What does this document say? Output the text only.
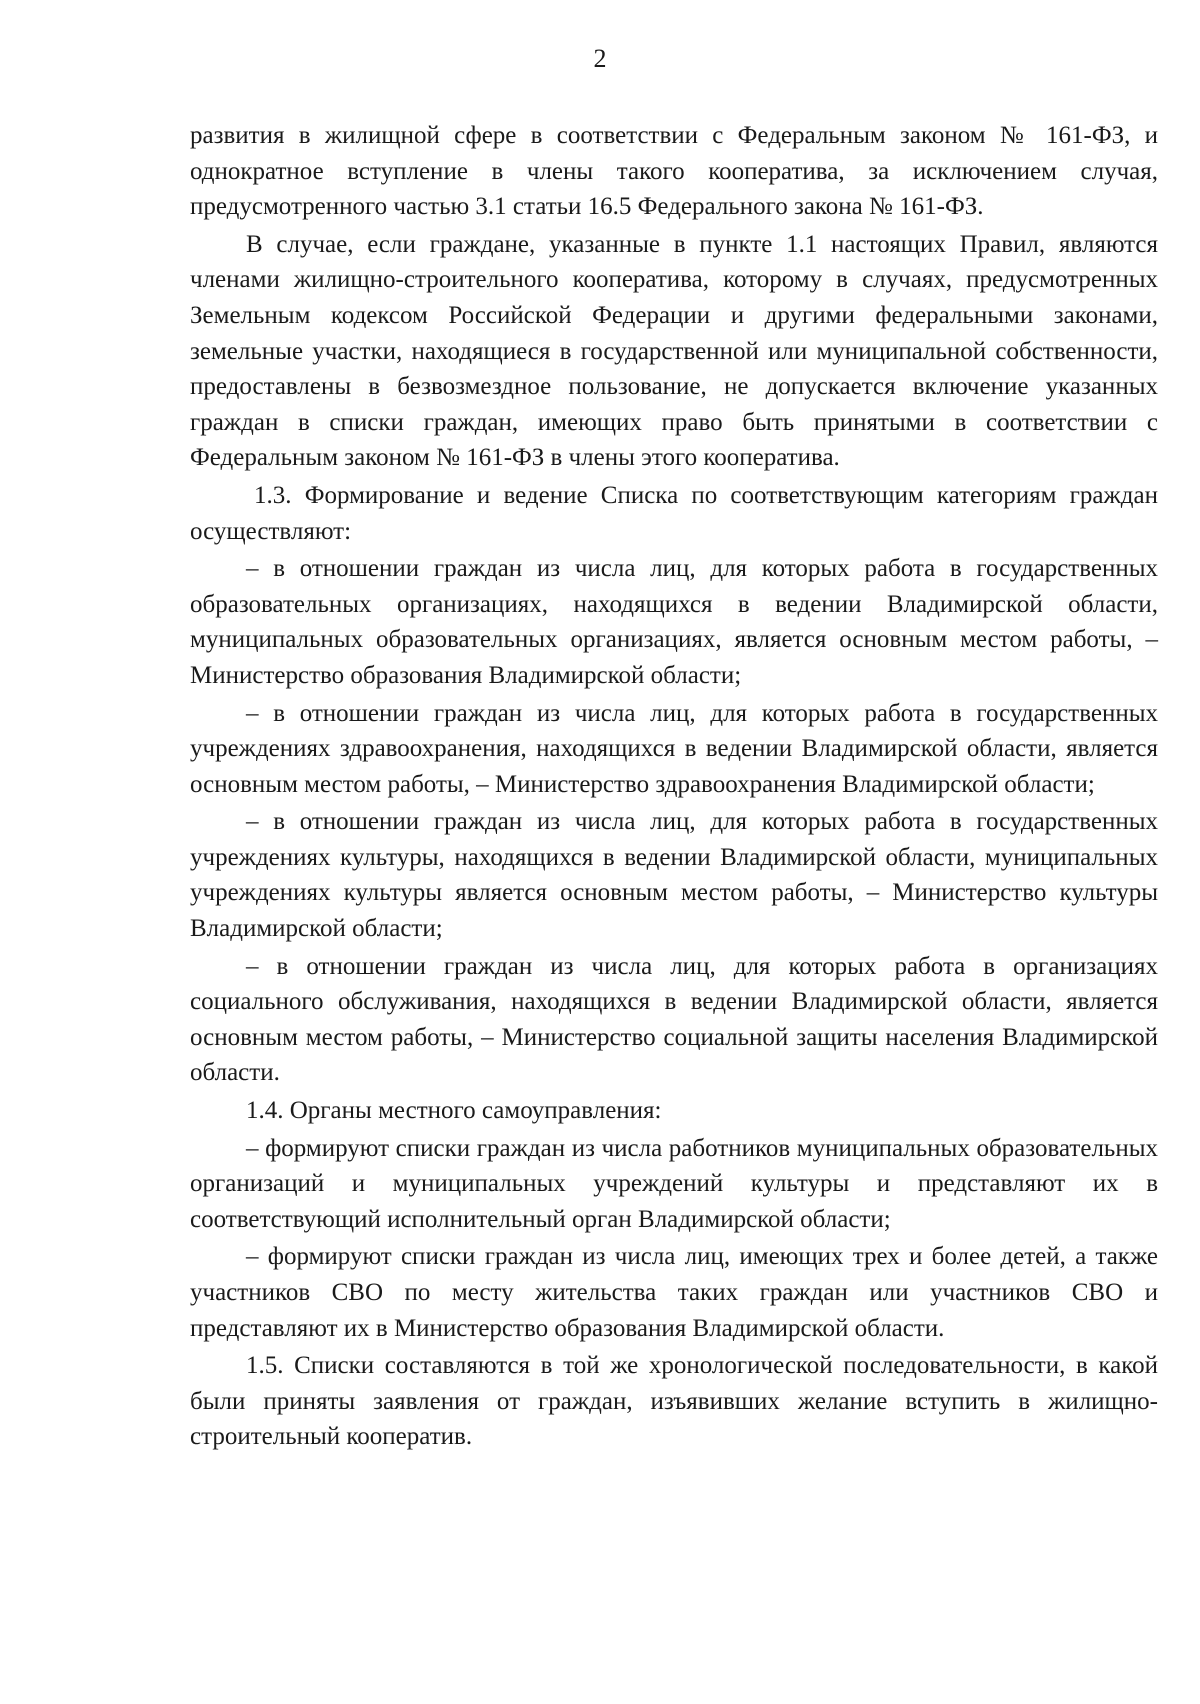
2

развития в жилищной сфере в соответствии с Федеральным законом № 161-ФЗ, и однократное вступление в члены такого кооператива, за исключением случая, предусмотренного частью 3.1 статьи 16.5 Федерального закона № 161-ФЗ.

В случае, если граждане, указанные в пункте 1.1 настоящих Правил, являются членами жилищно-строительного кооператива, которому в случаях, предусмотренных Земельным кодексом Российской Федерации и другими федеральными законами, земельные участки, находящиеся в государственной или муниципальной собственности, предоставлены в безвозмездное пользование, не допускается включение указанных граждан в списки граждан, имеющих право быть принятыми в соответствии с Федеральным законом № 161-ФЗ в члены этого кооператива.

1.3. Формирование и ведение Списка по соответствующим категориям граждан осуществляют:

– в отношении граждан из числа лиц, для которых работа в государственных образовательных организациях, находящихся в ведении Владимирской области, муниципальных образовательных организациях, является основным местом работы, – Министерство образования Владимирской области;

– в отношении граждан из числа лиц, для которых работа в государственных учреждениях здравоохранения, находящихся в ведении Владимирской области, является основным местом работы, – Министерство здравоохранения Владимирской области;

– в отношении граждан из числа лиц, для которых работа в государственных учреждениях культуры, находящихся в ведении Владимирской области, муниципальных учреждениях культуры является основным местом работы, – Министерство культуры Владимирской области;

– в отношении граждан из числа лиц, для которых работа в организациях социального обслуживания, находящихся в ведении Владимирской области, является основным местом работы, – Министерство социальной защиты населения Владимирской области.

1.4. Органы местного самоуправления:

– формируют списки граждан из числа работников муниципальных образовательных организаций и муниципальных учреждений культуры и представляют их в соответствующий исполнительный орган Владимирской области;

– формируют списки граждан из числа лиц, имеющих трех и более детей, а также участников СВО по месту жительства таких граждан или участников СВО и представляют их в Министерство образования Владимирской области.

1.5. Списки составляются в той же хронологической последовательности, в какой были приняты заявления от граждан, изъявивших желание вступить в жилищно-строительный кооператив.
